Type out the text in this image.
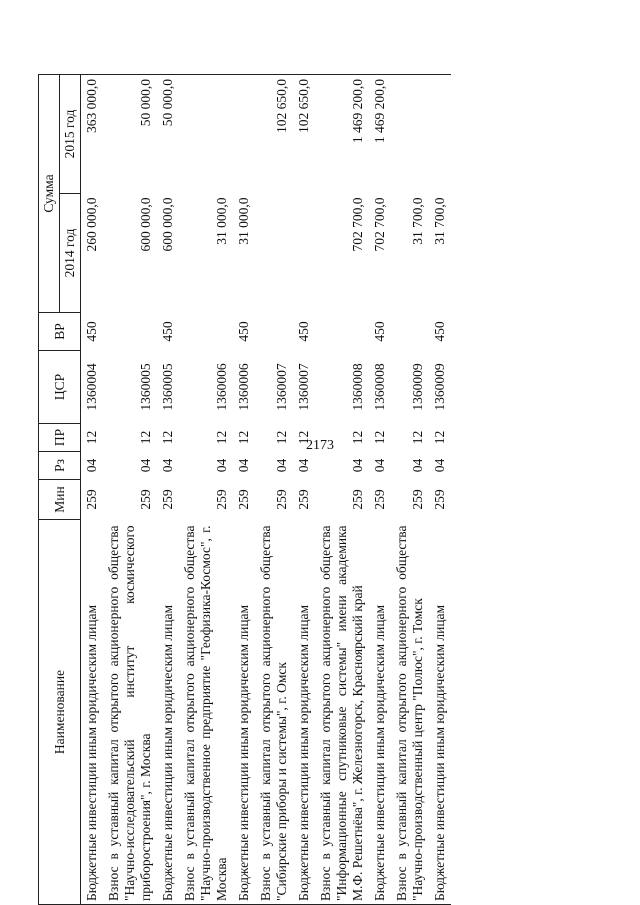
2173
Наименование	Мин	Рз	ПР	ЦСР	ВР	Сумма	
						2014 год	2015 год
Бюджетные инвестиции иным юридическим лицам	259	04	12	1360004	450	260 000,0	363 000,0
Взнос в уставный капитал открытого акционерного общества "Научно-исследовательский институт космического приборостроения", г. Москва	259	04	12	1360005		600 000,0	50 000,0
Бюджетные инвестиции иным юридическим лицам	259	04	12	1360005	450	600 000,0	50 000,0
Взнос в уставный капитал открытого акционерного общества "Научно-производственное предприятие "Геофизика-Космос", г. Москва	259	04	12	1360006		31 000,0	
Бюджетные инвестиции иным юридическим лицам	259	04	12	1360006	450	31 000,0	
Взнос в уставный капитал открытого акционерного общества "Сибирские приборы и системы", г. Омск	259	04	12	1360007			102 650,0
Бюджетные инвестиции иным юридическим лицам	259	04	12	1360007	450		102 650,0
Взнос в уставный капитал открытого акционерного общества "Информационные спутниковые системы" имени академика М.Ф. Решетнёва", г. Железногорск, Красноярский край	259	04	12	1360008		702 700,0	1 469 200,0
Бюджетные инвестиции иным юридическим лицам	259	04	12	1360008	450	702 700,0	1 469 200,0
Взнос в уставный капитал открытого акционерного общества "Научно-производственный центр "Полюс", г. Томск	259	04	12	1360009		31 700,0	
Бюджетные инвестиции иным юридическим лицам	259	04	12	1360009	450	31 700,0	
